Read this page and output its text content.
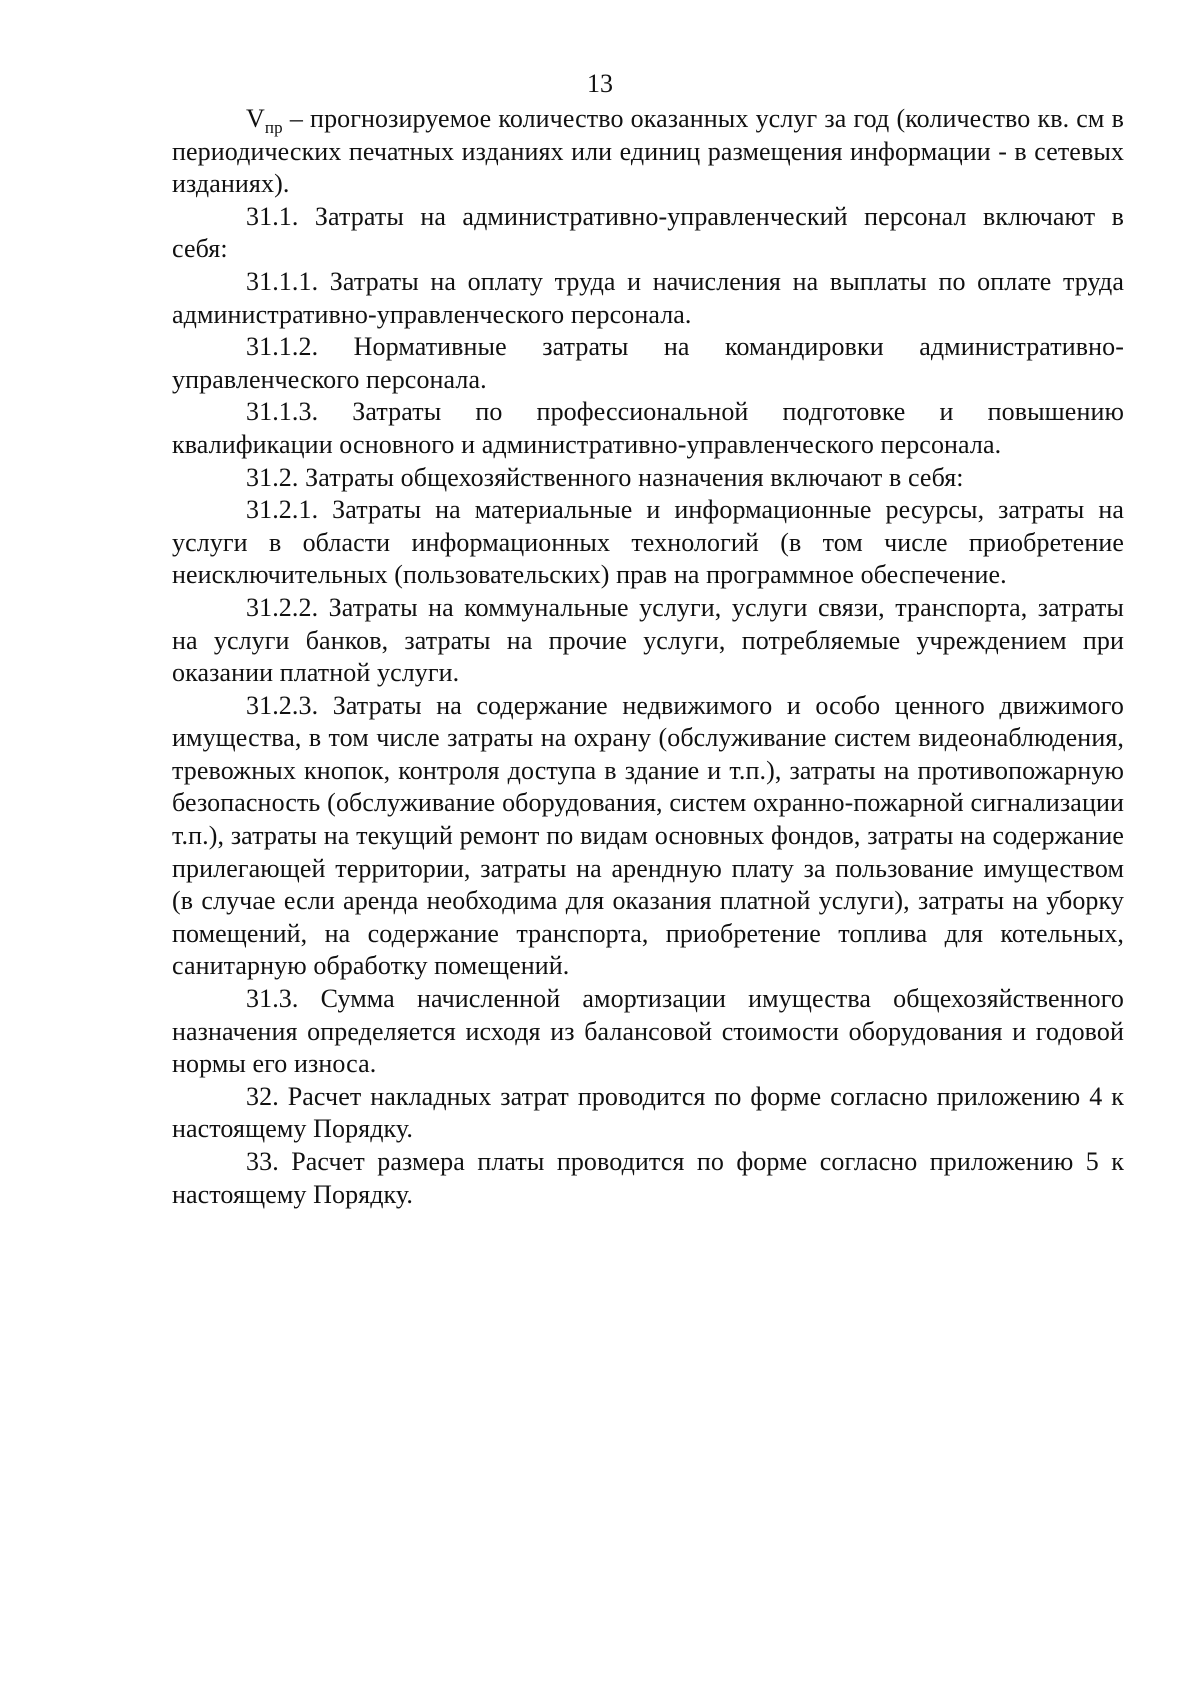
13

$V_{пр}$ – прогнозируемое количество оказанных услуг за год (количество кв. см в периодических печатных изданиях или единиц размещения информации - в сетевых изданиях).

31.1. Затраты на административно-управленческий персонал включают в себя:

31.1.1. Затраты на оплату труда и начисления на выплаты по оплате труда административно-управленческого персонала.

31.1.2. Нормативные затраты на командировки административно-управленческого персонала.

31.1.3. Затраты по профессиональной подготовке и повышению квалификации основного и административно-управленческого персонала.

31.2. Затраты общехозяйственного назначения включают в себя:

31.2.1. Затраты на материальные и информационные ресурсы, затраты на услуги в области информационных технологий (в том числе приобретение неисключительных (пользовательских) прав на программное обеспечение.

31.2.2. Затраты на коммунальные услуги, услуги связи, транспорта, затраты на услуги банков, затраты на прочие услуги, потребляемые учреждением при оказании платной услуги.

31.2.3. Затраты на содержание недвижимого и особо ценного движимого имущества, в том числе затраты на охрану (обслуживание систем видеонаблюдения, тревожных кнопок, контроля доступа в здание и т.п.), затраты на противопожарную безопасность (обслуживание оборудования, систем охранно-пожарной сигнализации т.п.), затраты на текущий ремонт по видам основных фондов, затраты на содержание прилегающей территории, затраты на арендную плату за пользование имуществом (в случае если аренда необходима для оказания платной услуги), затраты на уборку помещений, на содержание транспорта, приобретение топлива для котельных, санитарную обработку помещений.

31.3. Сумма начисленной амортизации имущества общехозяйственного назначения определяется исходя из балансовой стоимости оборудования и годовой нормы его износа.

32. Расчет накладных затрат проводится по форме согласно приложению 4 к настоящему Порядку.

33. Расчет размера платы проводится по форме согласно приложению 5 к настоящему Порядку.
